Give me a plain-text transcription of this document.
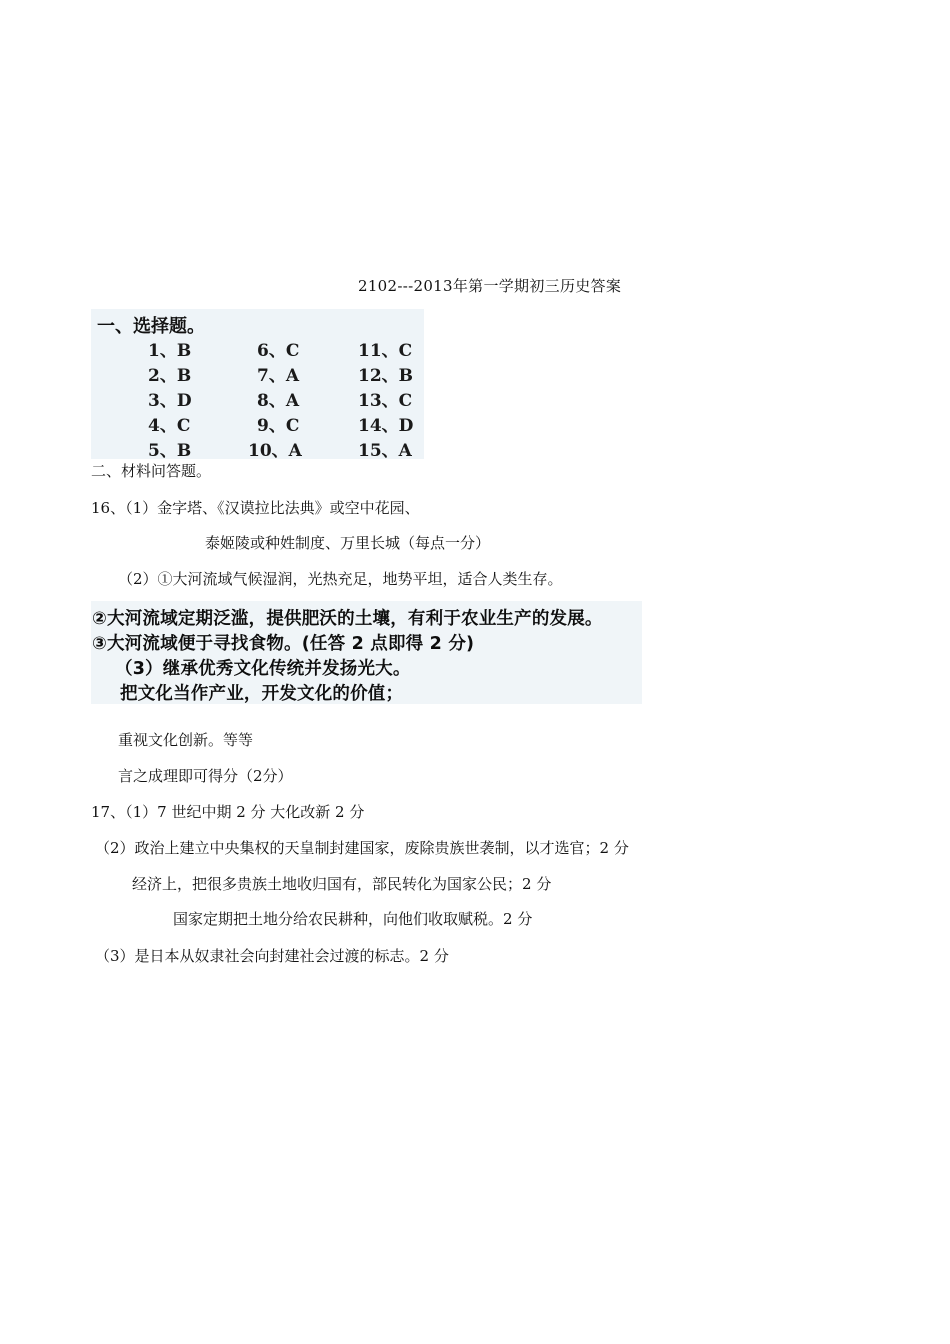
2102---2013年第一学期初三历史答案
一、选择题。
1、B
2、B
3、D
4、C
5、B
6、C
7、A
8、A
9、C
10、A
11、C
12、B
13、C
14、D
15、A
二、材料问答题。
16、（1）金字塔、《汉谟拉比法典》或空中花园、
泰姬陵或种姓制度、万里长城（每点一分）
（2）①大河流域气候湿润，光热充足，地势平坦，适合人类生存。
②大河流域定期泛滥，提供肥沃的土壤，有利于农业生产的发展。
③大河流域便于寻找食物。(任答 2 点即得 2 分)
（3）继承优秀文化传统并发扬光大。
把文化当作产业，开发文化的价值；
重视文化创新。等等
言之成理即可得分（2分）
17、（1）7 世纪中期 2 分 大化改新 2 分
（2）政治上建立中央集权的天皇制封建国家，废除贵族世袭制，以才选官；2 分
经济上，把很多贵族土地收归国有，部民转化为国家公民；2 分
国家定期把土地分给农民耕种，向他们收取赋税。2 分
（3）是日本从奴隶社会向封建社会过渡的标志。2 分
